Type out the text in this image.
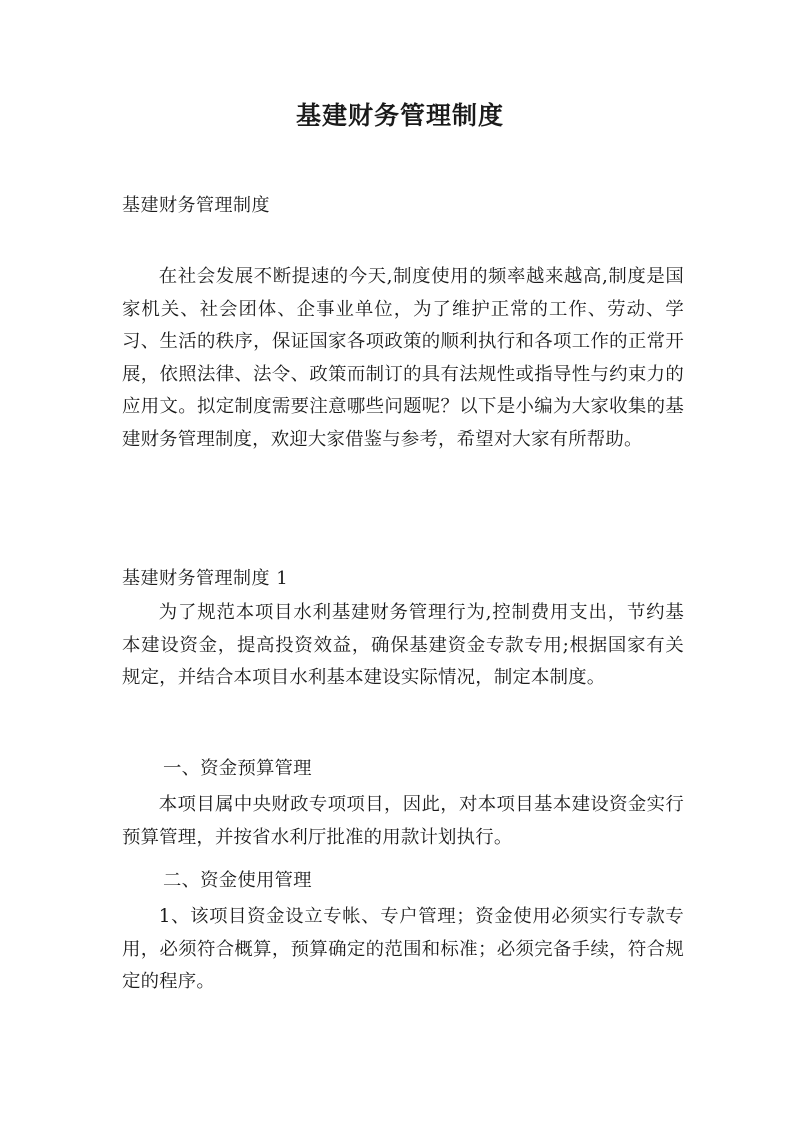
基建财务管理制度
基建财务管理制度

在社会发展不断提速的今天,制度使用的频率越来越高,制度是国家机关、社会团体、企事业单位，为了维护正常的工作、劳动、学习、生活的秩序，保证国家各项政策的顺利执行和各项工作的正常开展，依照法律、法令、政策而制订的具有法规性或指导性与约束力的应用文。拟定制度需要注意哪些问题呢？以下是小编为大家收集的基建财务管理制度，欢迎大家借鉴与参考，希望对大家有所帮助。

基建财务管理制度 1

为了规范本项目水利基建财务管理行为,控制费用支出，节约基本建设资金，提高投资效益，确保基建资金专款专用;根据国家有关规定，并结合本项目水利基本建设实际情况，制定本制度。

一、资金预算管理

本项目属中央财政专项项目，因此，对本项目基本建设资金实行预算管理，并按省水利厅批准的用款计划执行。

二、资金使用管理

1、该项目资金设立专帐、专户管理；资金使用必须实行专款专用，必须符合概算，预算确定的范围和标准；必须完备手续，符合规定的程序。
